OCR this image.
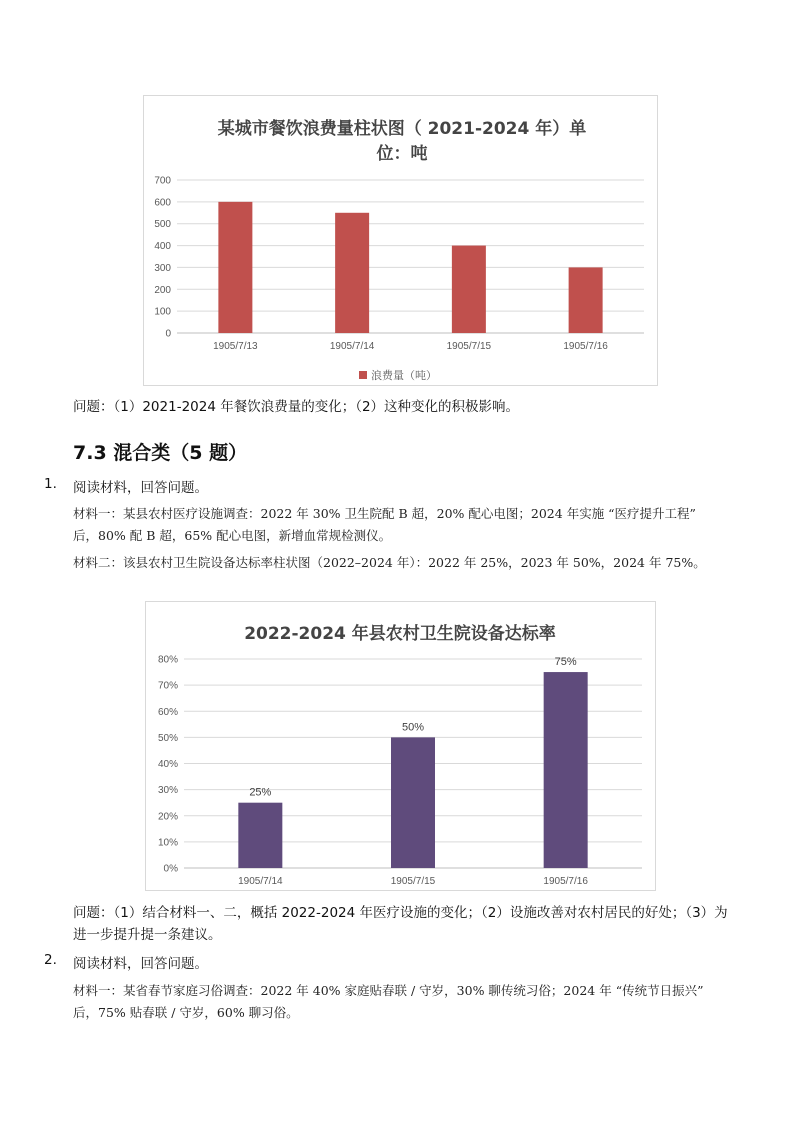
某城市餐饮浪费量柱状图（ 2021-2024 年）单
位：吨
0
100
200
300
400
500
600
700
1905/7/13	1905/7/14	1905/7/15	1905/7/16
浪费量（吨）
问题：（1）2021-2024 年餐饮浪费量的变化；（2）这种变化的积极影响。
7.3 混合类（5 题）
1. 阅读材料，回答问题。
材料一：某县农村医疗设施调查：2022 年 30% 卫生院配 B 超，20% 配心电图；2024 年实施 “医疗提升工程” 后，80% 配 B 超，65% 配心电图，新增血常规检测仪。
材料二：该县农村卫生院设备达标率柱状图（2022–2024 年）：2022 年 25%，2023 年 50%，2024 年 75%。
2022-2024 年县农村卫生院设备达标率
0%
10%
20%
30%
40%
50%
60%
70%
80%
1905/7/14
25%
1905/7/15
50%
1905/7/16
75%
问题：（1）结合材料一、二，概括 2022-2024 年医疗设施的变化；（2）设施改善对农村居民的好处；（3）为进一步提升提一条建议。
2. 阅读材料，回答问题。
材料一：某省春节家庭习俗调查：2022 年 40% 家庭贴春联 / 守岁，30% 聊传统习俗；2024 年 “传统节日振兴” 后，75% 贴春联 / 守岁，60% 聊习俗。
